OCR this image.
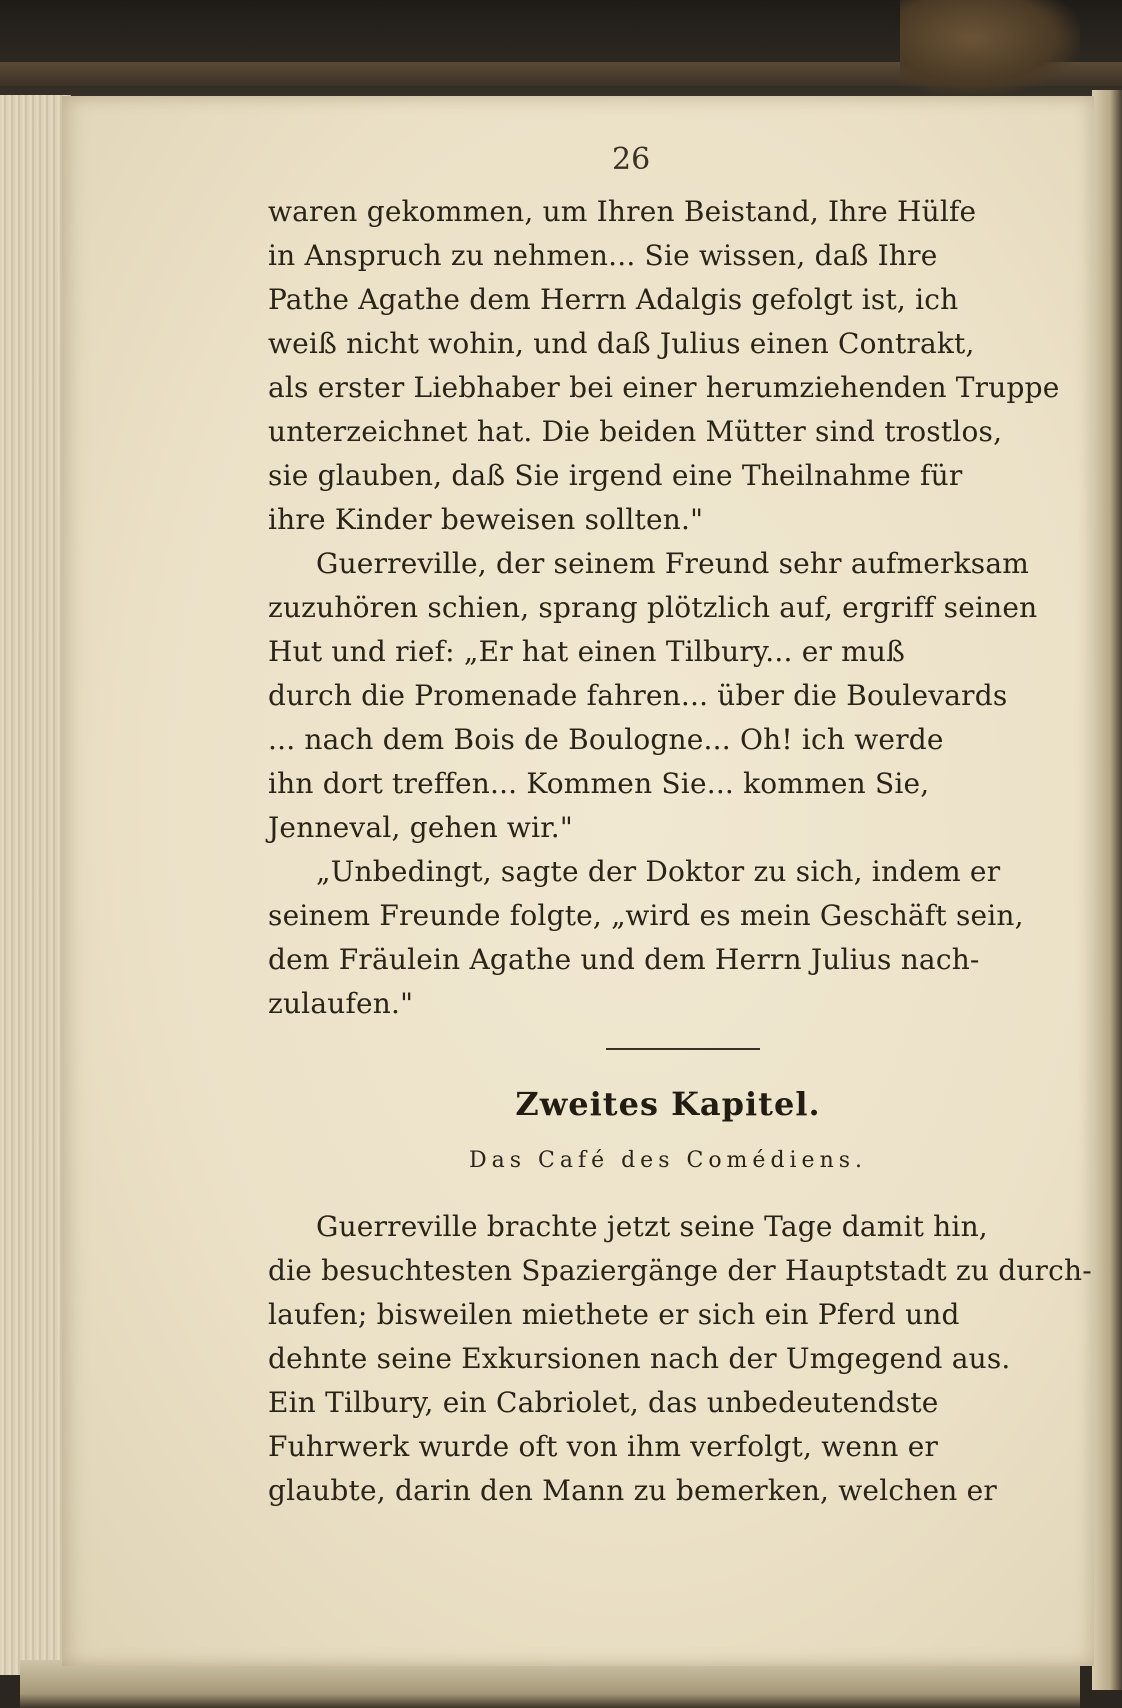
26
waren gekommen, um Ihren Beistand, Ihre Hülfe
in Anspruch zu nehmen... Sie wissen, daß Ihre
Pathe Agathe dem Herrn Adalgis gefolgt ist, ich
weiß nicht wohin, und daß Julius einen Contrakt,
als erster Liebhaber bei einer herumziehenden Truppe
unterzeichnet hat. Die beiden Mütter sind trostlos,
sie glauben, daß Sie irgend eine Theilnahme für
ihre Kinder beweisen sollten."
Guerreville, der seinem Freund sehr aufmerksam
zuzuhören schien, sprang plötzlich auf, ergriff seinen
Hut und rief: „Er hat einen Tilbury... er muß
durch die Promenade fahren... über die Boulevards
... nach dem Bois de Boulogne... Oh! ich werde
ihn dort treffen... Kommen Sie... kommen Sie,
Jenneval, gehen wir."
„Unbedingt, sagte der Doktor zu sich, indem er
seinem Freunde folgte, „wird es mein Geschäft sein,
dem Fräulein Agathe und dem Herrn Julius nach-
zulaufen."
Zweites Kapitel.
Das Café des Comédiens.
Guerreville brachte jetzt seine Tage damit hin,
die besuchtesten Spaziergänge der Hauptstadt zu durch-
laufen; bisweilen miethete er sich ein Pferd und
dehnte seine Exkursionen nach der Umgegend aus.
Ein Tilbury, ein Cabriolet, das unbedeutendste
Fuhrwerk wurde oft von ihm verfolgt, wenn er
glaubte, darin den Mann zu bemerken, welchen er
